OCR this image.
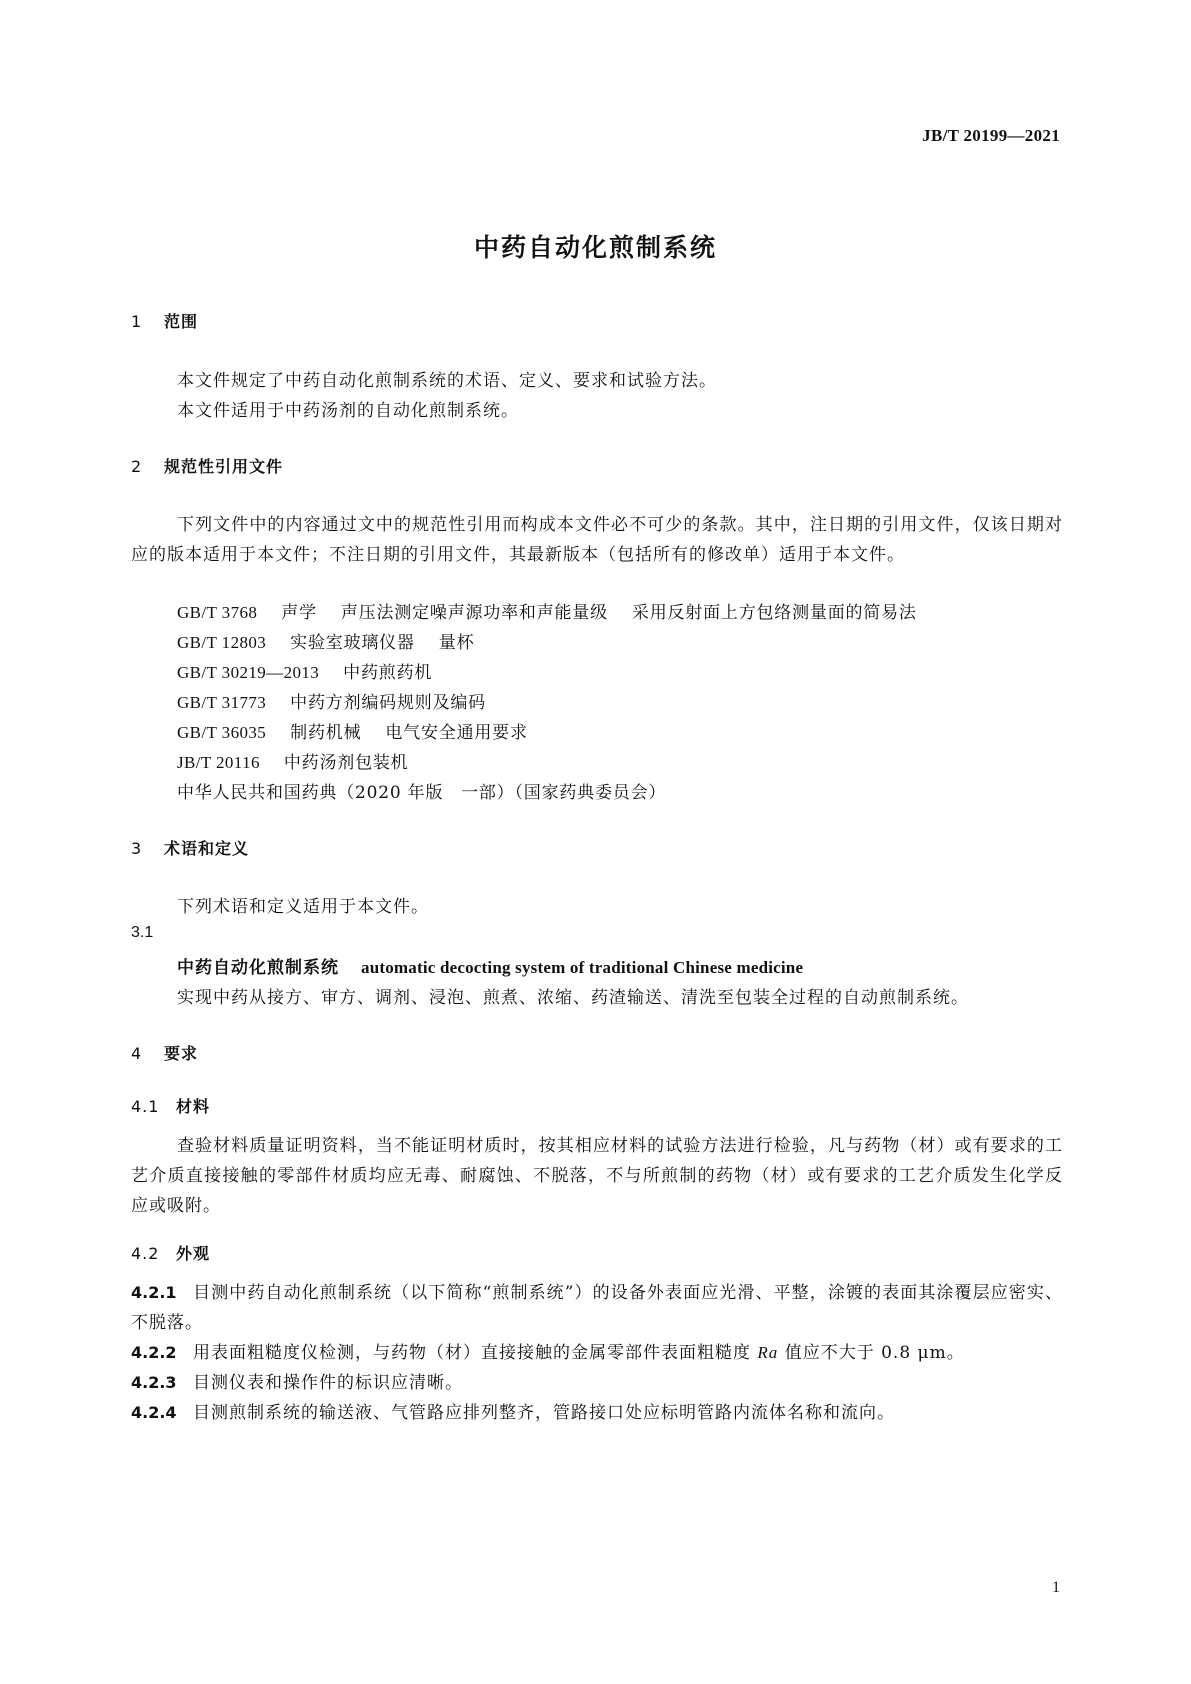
JB/T 20199—2021
中药自动化煎制系统
1 范围
本文件规定了中药自动化煎制系统的术语、定义、要求和试验方法。
本文件适用于中药汤剂的自动化煎制系统。
2 规范性引用文件
下列文件中的内容通过文中的规范性引用而构成本文件必不可少的条款。其中，注日期的引用文件，仅该日期对应的版本适用于本文件；不注日期的引用文件，其最新版本（包括所有的修改单）适用于本文件。
GB/T 3768 声学 声压法测定噪声源功率和声能量级 采用反射面上方包络测量面的简易法
GB/T 12803 实验室玻璃仪器 量杯
GB/T 30219—2013 中药煎药机
GB/T 31773 中药方剂编码规则及编码
GB/T 36035 制药机械 电气安全通用要求
JB/T 20116 中药汤剂包装机
中华人民共和国药典（2020 年版　一部）（国家药典委员会）
3 术语和定义
下列术语和定义适用于本文件。
3.1
中药自动化煎制系统 automatic decocting system of traditional Chinese medicine
实现中药从接方、审方、调剂、浸泡、煎煮、浓缩、药渣输送、清洗至包装全过程的自动煎制系统。
4 要求
4.1 材料
查验材料质量证明资料，当不能证明材质时，按其相应材料的试验方法进行检验，凡与药物（材）或有要求的工艺介质直接接触的零部件材质均应无毒、耐腐蚀、不脱落，不与所煎制的药物（材）或有要求的工艺介质发生化学反应或吸附。
4.2 外观
4.2.1 目测中药自动化煎制系统（以下简称“煎制系统”）的设备外表面应光滑、平整，涂镀的表面其涂覆层应密实、不脱落。
4.2.2 用表面粗糙度仪检测，与药物（材）直接接触的金属零部件表面粗糙度 Ra 值应不大于 0.8 μm。
4.2.3 目测仪表和操作件的标识应清晰。
4.2.4 目测煎制系统的输送液、气管路应排列整齐，管路接口处应标明管路内流体名称和流向。
1
